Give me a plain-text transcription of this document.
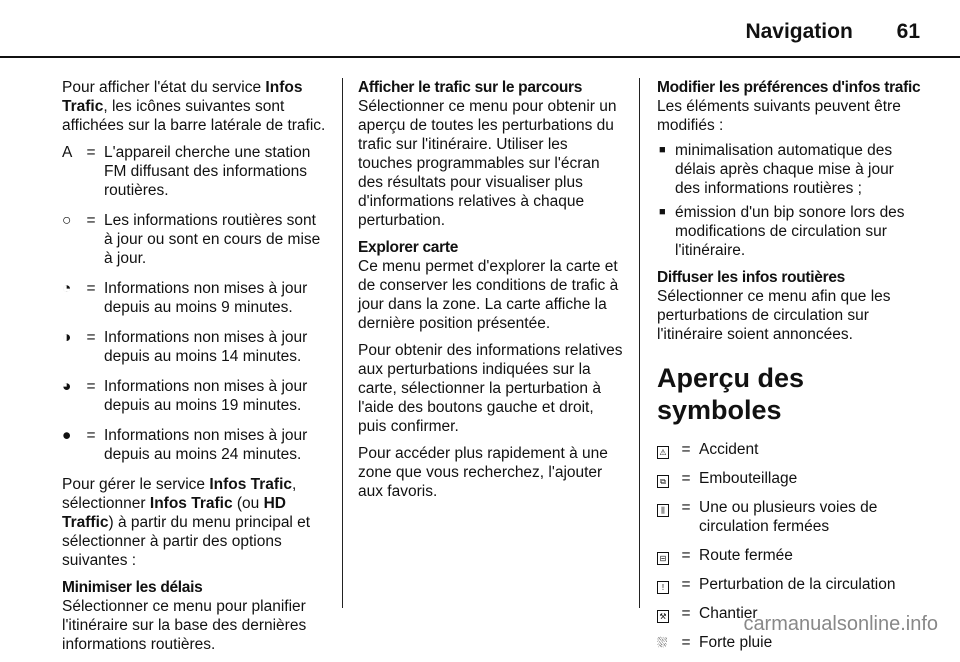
Navigation 61

Pour afficher l'état du service Infos Trafic, les icônes suivantes sont affichées sur la barre latérale de trafic.

A = L'appareil cherche une station FM diffusant des informations routières.
○ = Les informations routières sont à jour ou sont en cours de mise à jour.
◔ = Informations non mises à jour depuis au moins 9 minutes.
◑ = Informations non mises à jour depuis au moins 14 minutes.
◕ = Informations non mises à jour depuis au moins 19 minutes.
● = Informations non mises à jour depuis au moins 24 minutes.

Pour gérer le service Infos Trafic, sélectionner Infos Trafic (ou HD Traffic) à partir du menu principal et sélectionner à partir des options suivantes :

Minimiser les délais

Sélectionner ce menu pour planifier l'itinéraire sur la base des dernières informations routières.

Afficher le trafic sur le parcours

Sélectionner ce menu pour obtenir un aperçu de toutes les perturbations du trafic sur l'itinéraire. Utiliser les touches programmables sur l'écran des résultats pour visualiser plus d'informations relatives à chaque perturbation.

Explorer carte

Ce menu permet d'explorer la carte et de conserver les conditions de trafic à jour dans la zone. La carte affiche la dernière position présentée.

Pour obtenir des informations relatives aux perturbations indiquées sur la carte, sélectionner la perturbation à l'aide des boutons gauche et droit, puis confirmer.

Pour accéder plus rapidement à une zone que vous recherchez, l'ajouter aux favoris.

Modifier les préférences d'infos trafic
Les éléments suivants peuvent être modifiés :
■ minimalisation automatique des délais après chaque mise à jour des informations routières ;
■ émission d'un bip sonore lors des modifications de circulation sur l'itinéraire.
Diffuser les infos routières

Sélectionner ce menu afin que les perturbations de circulation sur l'itinéraire soient annoncées.

Aperçu des symboles
⚠ = Accident
⧉	= Embouteillage
⫼	= Une ou plusieurs voies de circulation fermées
⊟ = Route fermée
!	= Perturbation de la circulation
⚒ = Chantier
⛆ = Forte pluie
carmanualsonline.info
